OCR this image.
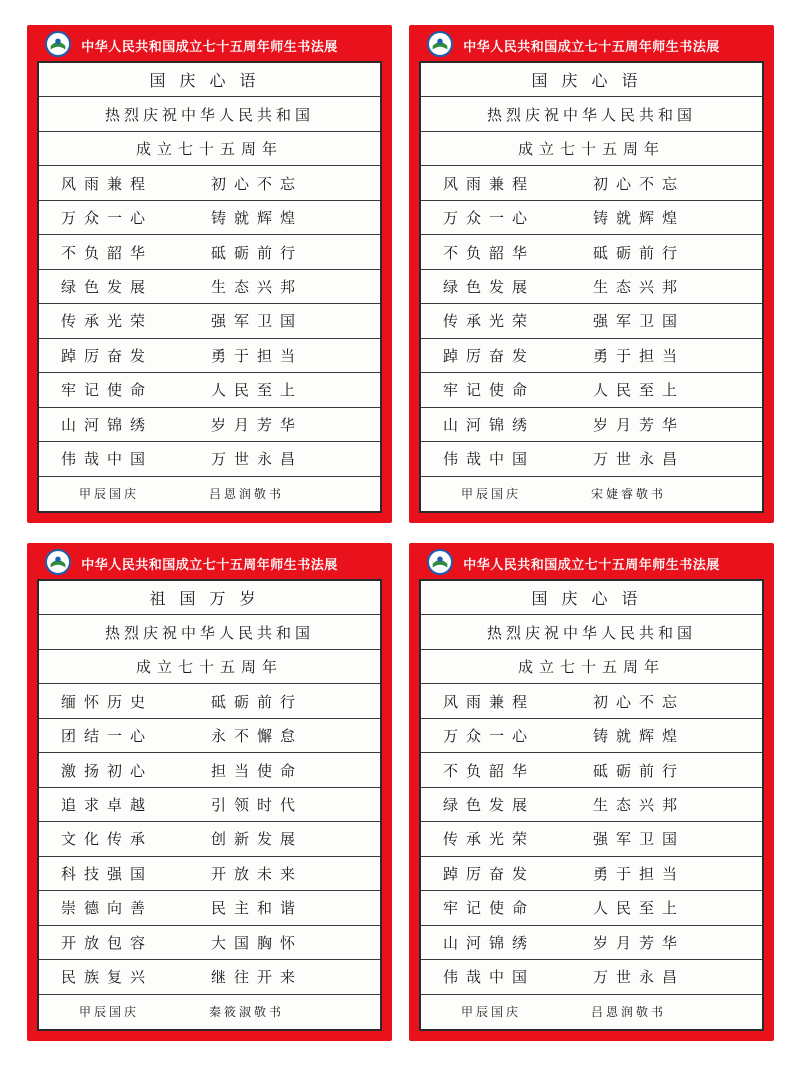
中华人民共和国成立七十五周年师生书法展
国庆心语
热烈庆祝中华人民共和国
成立七十五周年
风雨兼程	初心不忘
万众一心	铸就辉煌
不负韶华	砥砺前行
绿色发展	生态兴邦
传承光荣	强军卫国
踔厉奋发	勇于担当
牢记使命	人民至上
山河锦绣	岁月芳华
伟哉中国	万世永昌
甲辰国庆	吕恩润敬书
中华人民共和国成立七十五周年师生书法展
国庆心语
热烈庆祝中华人民共和国
成立七十五周年
风雨兼程	初心不忘
万众一心	铸就辉煌
不负韶华	砥砺前行
绿色发展	生态兴邦
传承光荣	强军卫国
踔厉奋发	勇于担当
牢记使命	人民至上
山河锦绣	岁月芳华
伟哉中国	万世永昌
甲辰国庆	宋婕睿敬书
中华人民共和国成立七十五周年师生书法展
祖国万岁
热烈庆祝中华人民共和国
成立七十五周年
缅怀历史	砥砺前行
团结一心	永不懈怠
激扬初心	担当使命
追求卓越	引领时代
文化传承	创新发展
科技强国	开放未来
崇德向善	民主和谐
开放包容	大国胸怀
民族复兴	继往开来
甲辰国庆	秦筱淑敬书
中华人民共和国成立七十五周年师生书法展
国庆心语
热烈庆祝中华人民共和国
成立七十五周年
风雨兼程	初心不忘
万众一心	铸就辉煌
不负韶华	砥砺前行
绿色发展	生态兴邦
传承光荣	强军卫国
踔厉奋发	勇于担当
牢记使命	人民至上
山河锦绣	岁月芳华
伟哉中国	万世永昌
甲辰国庆	吕恩润敬书
